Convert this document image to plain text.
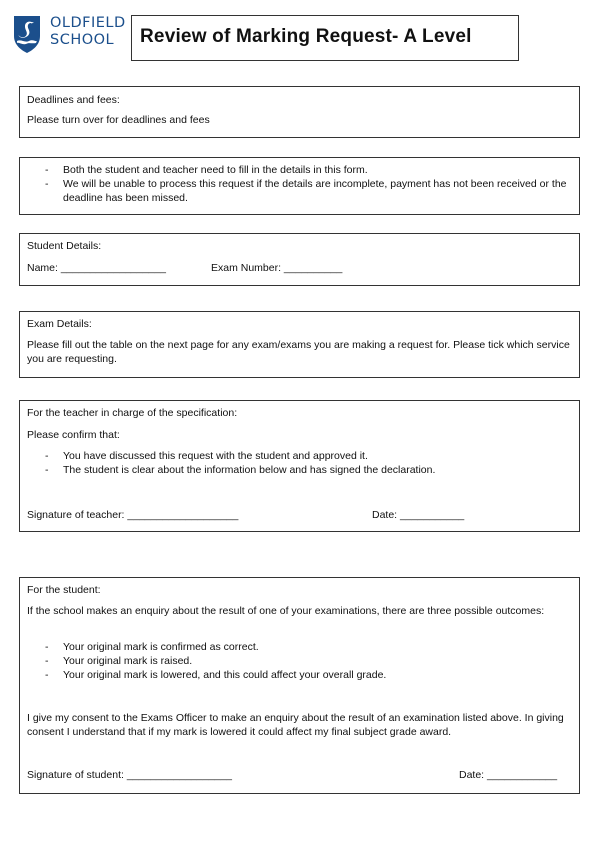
OLDFIELD
SCHOOL	Review of Marking Request- A Level

Deadlines and fees:

Please turn over for deadlines and fees

- Both the student and teacher need to fill in the details in this form.
- We will be unable to process this request if the details are incomplete, payment has not been received or the deadline has been missed.

Student Details:

Name: __________________	Exam Number: __________

Exam Details:

Please fill out the table on the next page for any exam/exams you are making a request for. Please tick which service you are requesting.

For the teacher in charge of the specification:

Please confirm that:

- You have discussed this request with the student and approved it.
- The student is clear about the information below and has signed the declaration.

Signature of teacher: ___________________	Date: ___________

For the student:

If the school makes an enquiry about the result of one of your examinations, there are three possible outcomes:

- Your original mark is confirmed as correct.
- Your original mark is raised.
- Your original mark is lowered, and this could affect your overall grade.

I give my consent to the Exams Officer to make an enquiry about the result of an examination listed above. In giving consent I understand that if my mark is lowered it could affect my final subject grade award.

Signature of student: __________________	Date: ____________
